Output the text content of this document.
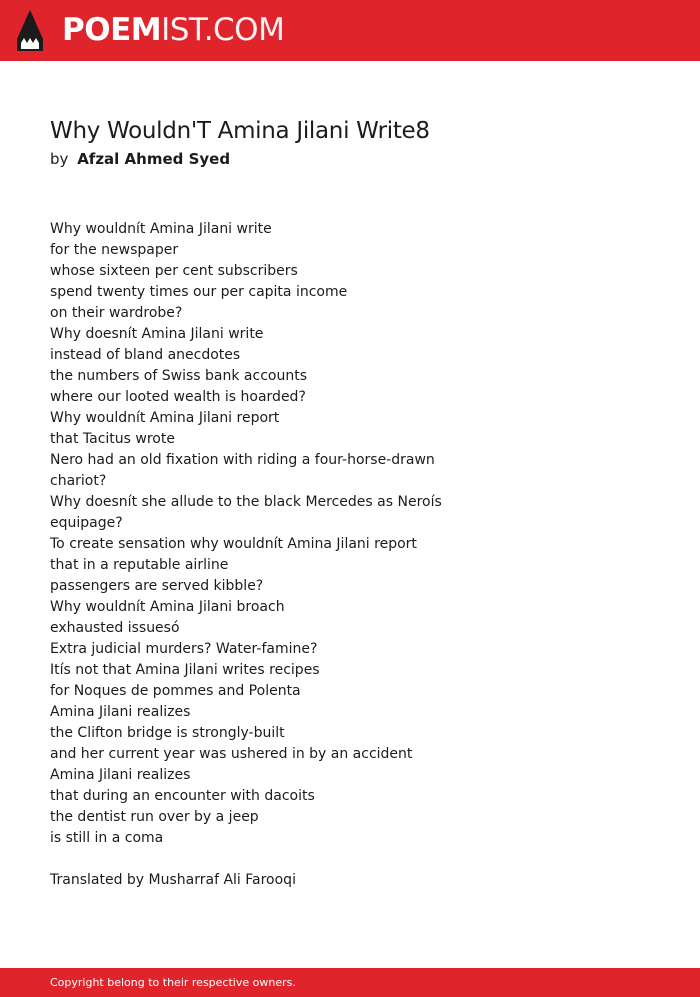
POEMIST.COM
Why Wouldn'T Amina Jilani Write8
by Afzal Ahmed Syed
Why wouldnít Amina Jilani write
for the newspaper
whose sixteen per cent subscribers
spend twenty times our per capita income
on their wardrobe?
Why doesnít Amina Jilani write
instead of bland anecdotes
the numbers of Swiss bank accounts
where our looted wealth is hoarded?
Why wouldnít Amina Jilani report
that Tacitus wrote
Nero had an old fixation with riding a four-horse-drawn
chariot?
Why doesnít she allude to the black Mercedes as Neroís
equipage?
To create sensation why wouldnít Amina Jilani report
that in a reputable airline
passengers are served kibble?
Why wouldnít Amina Jilani broach
exhausted issuesó
Extra judicial murders? Water-famine?
Itís not that Amina Jilani writes recipes
for Noques de pommes and Polenta
Amina Jilani realizes
the Clifton bridge is strongly-built
and her current year was ushered in by an accident
Amina Jilani realizes
that during an encounter with dacoits
the dentist run over by a jeep
is still in a coma
Translated by Musharraf Ali Farooqi
Copyright belong to their respective owners.
